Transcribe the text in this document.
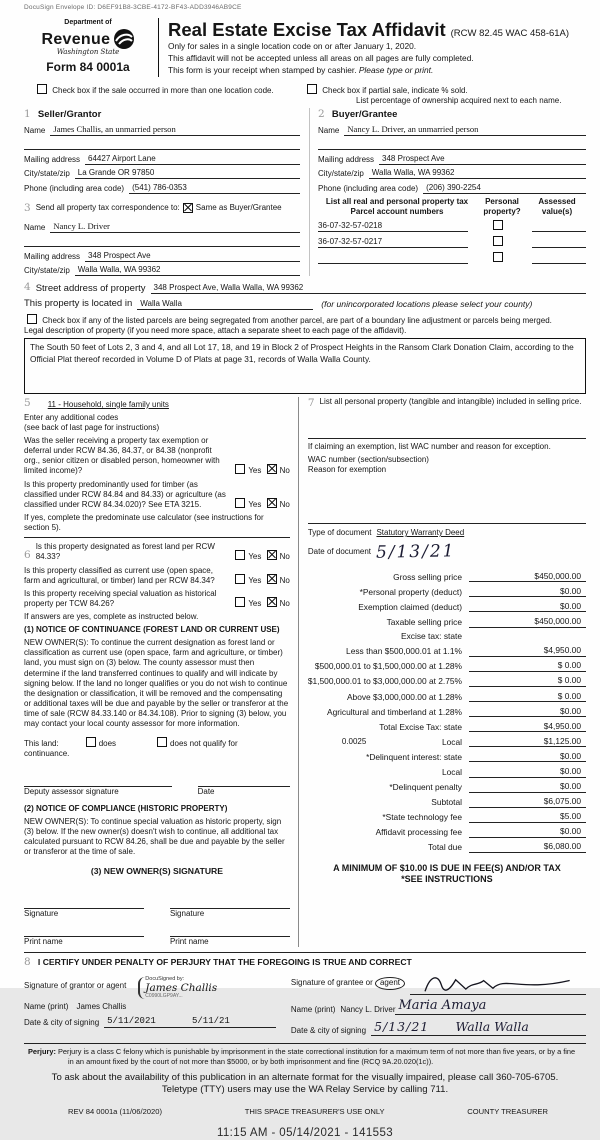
DocuSign Envelope ID: D6EF91B8-3CBE-4172-BF43-ADD3946AB9CE
Department of
Revenue
Washington State
Form 84 0001a
Real Estate Excise Tax Affidavit (RCW 82.45 WAC 458-61A)
Only for sales in a single location code on or after January 1, 2020.
This affidavit will not be accepted unless all areas on all pages are fully completed.
This form is your receipt when stamped by cashier. Please type or print.
Check box if the sale occurred in more than one location code.	Check box if partial sale, indicate % sold.
List percentage of ownership acquired next to each name.
1 Seller/Grantor
Name James Challis, an unmarried person
Mailing address	64427 Airport Lane
City/state/zip	La Grande OR 97850
Phone (including area code)	(541) 786-0353
3 Send all property tax correspondence to: Same as Buyer/Grantee
Name Nancy L. Driver
Mailing address	348 Prospect Ave
City/state/zip	Walla Walla, WA 99362
2 Buyer/Grantee
Name Nancy L. Driver, an unmarried person
Mailing address	348 Prospect Ave
City/state/zip	Walla Walla, WA 99362
Phone (including area code)	(206) 390-2254
List all real and personal property tax
Parcel account numbers
Personal
property?
Assessed
value(s)
36-07-32-57-0218
36-07-32-57-0217
4 Street address of property	348 Prospect Ave, Walla Walla, WA 99362
This property is located in	Walla Walla	(for unincorporated locations please select your county)
Check box if any of the listed parcels are being segregated from another parcel, are part of a boundary line adjustment or parcels being merged.
Legal description of property (if you need more space, attach a separate sheet to each page of the affidavit).
The South 50 feet of Lots 2, 3 and 4, and all Lot 17, 18, and 19 in Block 2 of Prospect Heights in the Ransom Clark Donation Claim, according to the Official Plat thereof recorded in Volume D of Plats at page 31, records of Walla Walla County.
5	11 - Household, single family units
Enter any additional codes
(see back of last page for instructions)
Was the seller receiving a property tax exemption or deferral under RCW 84.36, 84.37, or 84.38 (nonprofit org., senior citizen or disabled person, homeowner with limited income)?	Yes No
Is this property predominantly used for timber (as classified under RCW 84.84 and 84.33) or agriculture (as classified under RCW 84.34.020)? See ETA 3215.	Yes No
If yes, complete the predominate use calculator (see instructions for section 5).
6
Is this property designated as forest land per RCW 84.33?	Yes No
Is this property classified as current use (open space, farm and agricultural, or timber) land per RCW 84.34?	Yes No
Is this property receiving special valuation as historical property per TCW 84.26?	Yes No
If answers are yes, complete as instructed below.
(1) NOTICE OF CONTINUANCE (FOREST LAND OR CURRENT USE)
NEW OWNER(S): To continue the current designation as forest land or classification as current use (open space, farm and agriculture, or timber) land, you must sign on (3) below. The county assessor must then determine if the land transferred continues to qualify and will indicate by signing below. If the land no longer qualifies or you do not wish to continue the designation or classification, it will be removed and the compensating or additional taxes will be due and payable by the seller or transferor at the time of sale (RCW 84.33.140 or 84.34.108). Prior to signing (3) below, you may contact your local county assessor for more information.
This land:	does	does not qualify for
continuance.
Deputy assessor signature	Date
(2) NOTICE OF COMPLIANCE (HISTORIC PROPERTY)
NEW OWNER(S): To continue special valuation as historic property, sign (3) below. If the new owner(s) doesn't wish to continue, all additional tax calculated pursuant to RCW 84.26, shall be due and payable by the seller or transferor at the time of sale.
(3) NEW OWNER(S) SIGNATURE
Signature	Signature
Print name	Print name
7 List all personal property (tangible and intangible) included in selling price.
If claiming an exemption, list WAC number and reason for exception.
WAC number (section/subsection)
Reason for exemption
Type of document Statutory Warranty Deed
Date of document 5/13/21
Gross selling price	$450,000.00
*Personal property (deduct)	$0.00
Exemption claimed (deduct)	$0.00
Taxable selling price	$450,000.00
Excise tax: state
Less than $500,000.01 at 1.1%	$4,950.00
$500,000.01 to $1,500,000.00 at 1.28%	$ 0.00
$1,500,000.01 to $3,000,000.00 at 2.75%	$ 0.00
Above $3,000,000.00 at 1.28%	$ 0.00
Agricultural and timberland at 1.28%	$0.00
Total Excise Tax: state	$4,950.00
0.0025	Local	$1,125.00
*Delinquent interest: state	$0.00
Local	$0.00
*Delinquent penalty	$0.00
Subtotal	$6,075.00
*State technology fee	$5.00
Affidavit processing fee	$0.00
Total due	$6,080.00
A MINIMUM OF $10.00 IS DUE IN FEE(S) AND/OR TAX
*SEE INSTRUCTIONS
8 I CERTIFY UNDER PENALTY OF PERJURY THAT THE FOREGOING IS TRUE AND CORRECT
Signature of grantor or agent
DocuSigned by:
James Challis
C0990LGP9AY...
Name (print)	James Challis
Date & city of signing 5/11/2021	5/11/21
Signature of grantee or agent
Name (print) Nancy L. Driver Maria Amaya
Date & city of signing 5/13/21 Walla Walla
Perjury: Perjury is a class C felony which is punishable by imprisonment in the state correctional institution for a maximum term of not more than five years, or by a fine in an amount fixed by the court of not more than $5000, or by both imprisonment and fine (RCQ 9A.20.020(1c)).
To ask about the availability of this publication in an alternate format for the visually impaired, please call 360-705-6705.
Teletype (TTY) users may use the WA Relay Service by calling 711.
REV 84 0001a (11/06/2020)	THIS SPACE TREASURER'S USE ONLY	COUNTY TREASURER
11:15 AM - 05/14/2021 - 141553
